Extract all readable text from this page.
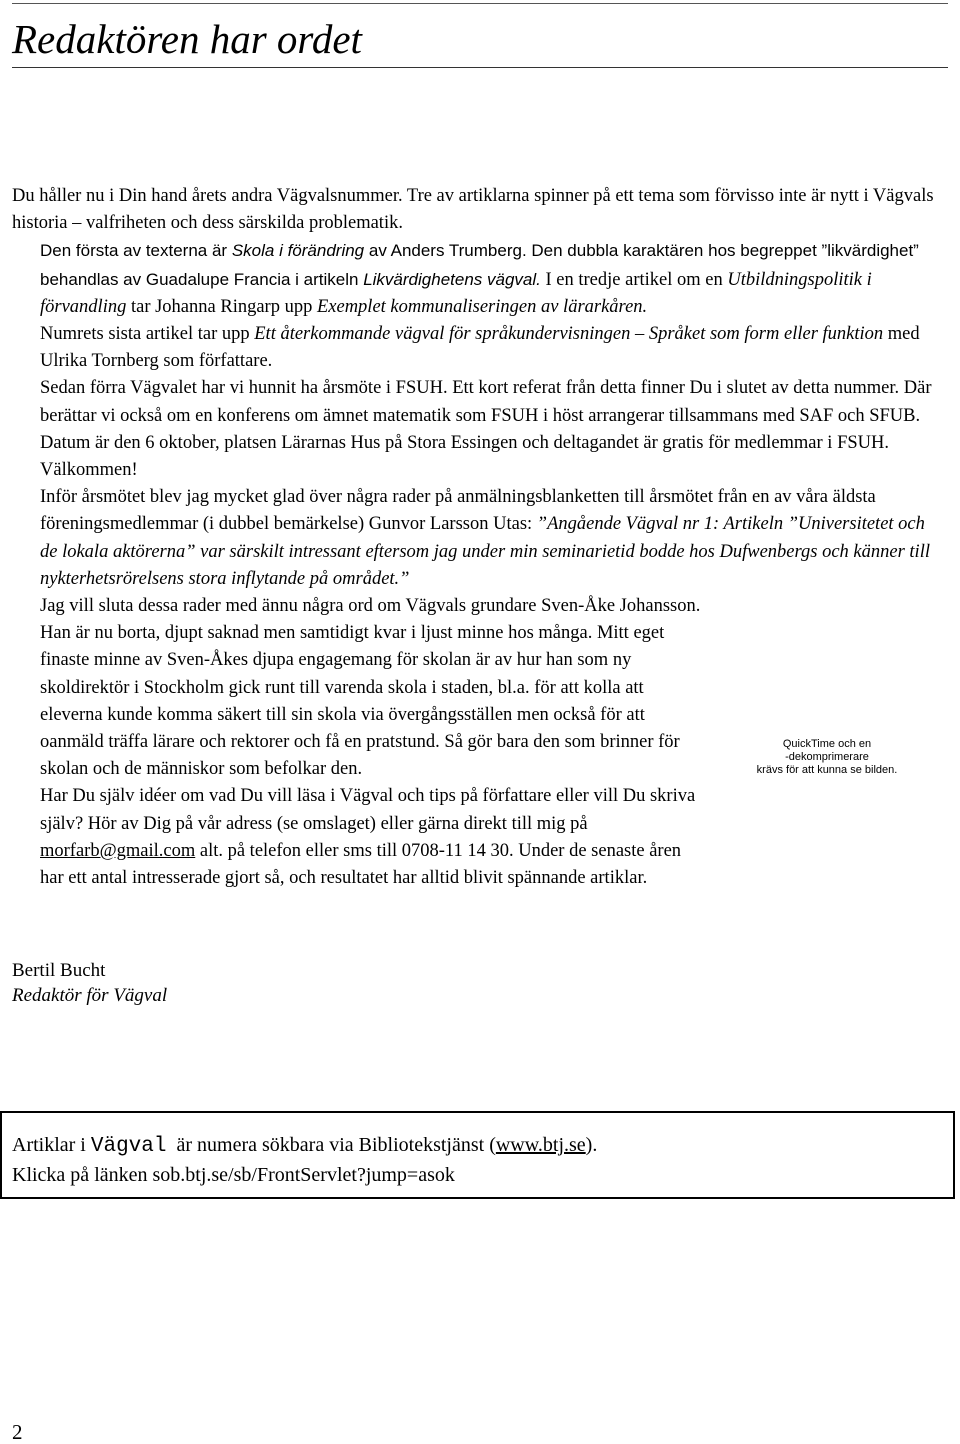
Redaktören har ordet

Du håller nu i Din hand årets andra Vägvalsnummer. Tre av artiklarna spinner på ett tema som förvisso inte är nytt i Vägvals historia – valfriheten och dess särskilda problematik.

Den första av texterna är Skola i förändring av Anders Trumberg. Den dubbla karaktären hos begreppet ”likvärdighet” behandlas av Guadalupe Francia i artikeln Likvärdighetens vägval. I en tredje artikel om en Utbildningspolitik i förvandling tar Johanna Ringarp upp Exemplet kommunaliseringen av lärarkåren.

Numrets sista artikel tar upp Ett återkommande vägval för språkundervisningen – Språket som form eller funktion med Ulrika Tornberg som författare.

Sedan förra Vägvalet har vi hunnit ha årsmöte i FSUH. Ett kort referat från detta finner Du i slutet av detta nummer. Där berättar vi också om en konferens om ämnet matematik som FSUH i höst arrangerar tillsammans med SAF och SFUB. Datum är den 6 oktober, platsen Lärarnas Hus på Stora Essingen och deltagandet är gratis för medlemmar i FSUH. Välkommen!

Inför årsmötet blev jag mycket glad över några rader på anmälningsblanketten till årsmötet från en av våra äldsta föreningsmedlemmar (i dubbel bemärkelse) Gunvor Larsson Utas: ”Angående Vägval nr 1: Artikeln ”Universitetet och de lokala aktörerna” var särskilt intressant eftersom jag under min seminarietid bodde hos Dufwenbergs och känner till nykterhetsrörelsens stora inflytande på området.”

Jag vill sluta dessa rader med ännu några ord om Vägvals grundare Sven-Åke Johansson. Han är nu borta, djupt saknad men samtidigt kvar i ljust minne hos många. Mitt eget finaste minne av Sven-Åkes djupa engagemang för skolan är av hur han som ny skoldirektör i Stockholm gick runt till varenda skola i staden, bl.a. för att kolla att eleverna kunde komma säkert till sin skola via övergångsställen men också för att oanmäld träffa lärare och rektorer och få en pratstund. Så gör bara den som brinner för skolan och de människor som befolkar den.

Har Du själv idéer om vad Du vill läsa i Vägval och tips på författare eller vill Du skriva själv? Hör av Dig på vår adress (se omslaget) eller gärna direkt till mig på morfarb@gmail.com alt. på telefon eller sms till 0708-11 14 30. Under de senaste åren har ett antal intresserade gjort så, och resultatet har alltid blivit spännande artiklar.

QuickTime och en
-dekomprimerare
krävs för att kunna se bilden.

Bertil Bucht

Redaktör för Vägval

Artiklar i Vägval  är numera sökbara via Bibliotekstjänst (www.btj.se).

Klicka på länken sob.btj.se/sb/FrontServlet?jump=asok

2
